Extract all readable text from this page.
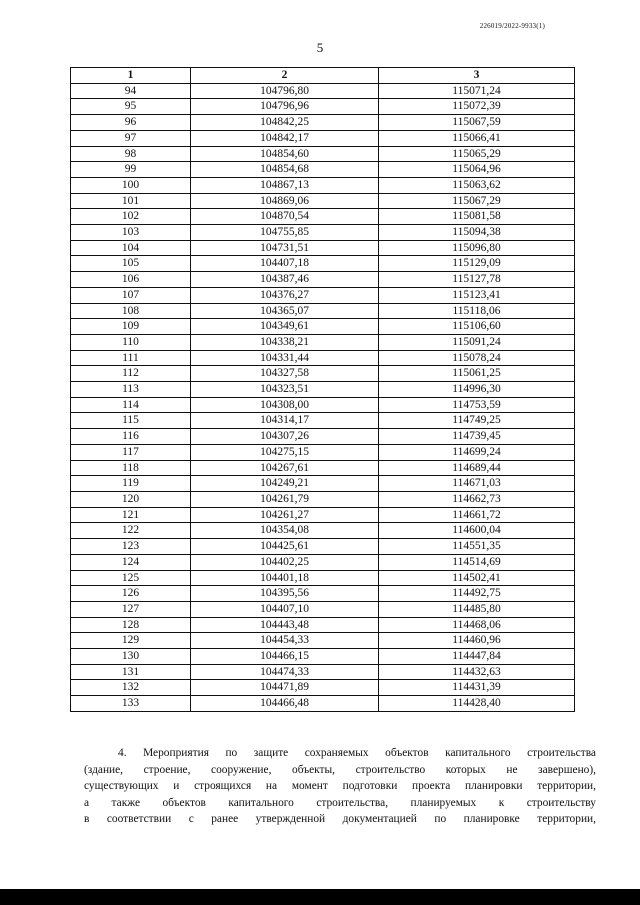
226019/2022-9933(1)
5
1	2	3
94	104796,80	115071,24
95	104796,96	115072,39
96	104842,25	115067,59
97	104842,17	115066,41
98	104854,60	115065,29
99	104854,68	115064,96
100	104867,13	115063,62
101	104869,06	115067,29
102	104870,54	115081,58
103	104755,85	115094,38
104	104731,51	115096,80
105	104407,18	115129,09
106	104387,46	115127,78
107	104376,27	115123,41
108	104365,07	115118,06
109	104349,61	115106,60
110	104338,21	115091,24
111	104331,44	115078,24
112	104327,58	115061,25
113	104323,51	114996,30
114	104308,00	114753,59
115	104314,17	114749,25
116	104307,26	114739,45
117	104275,15	114699,24
118	104267,61	114689,44
119	104249,21	114671,03
120	104261,79	114662,73
121	104261,27	114661,72
122	104354,08	114600,04
123	104425,61	114551,35
124	104402,25	114514,69
125	104401,18	114502,41
126	104395,56	114492,75
127	104407,10	114485,80
128	104443,48	114468,06
129	104454,33	114460,96
130	104466,15	114447,84
131	104474,33	114432,63
132	104471,89	114431,39
133	104466,48	114428,40
4. Мероприятия по защите сохраняемых объектов капитального строительства
(здание, строение, сооружение, объекты, строительство которых не завершено),
существующих и строящихся на момент подготовки проекта планировки территории,
а также объектов капитального строительства, планируемых к строительству
в соответствии с ранее утвержденной документацией по планировке территории,
